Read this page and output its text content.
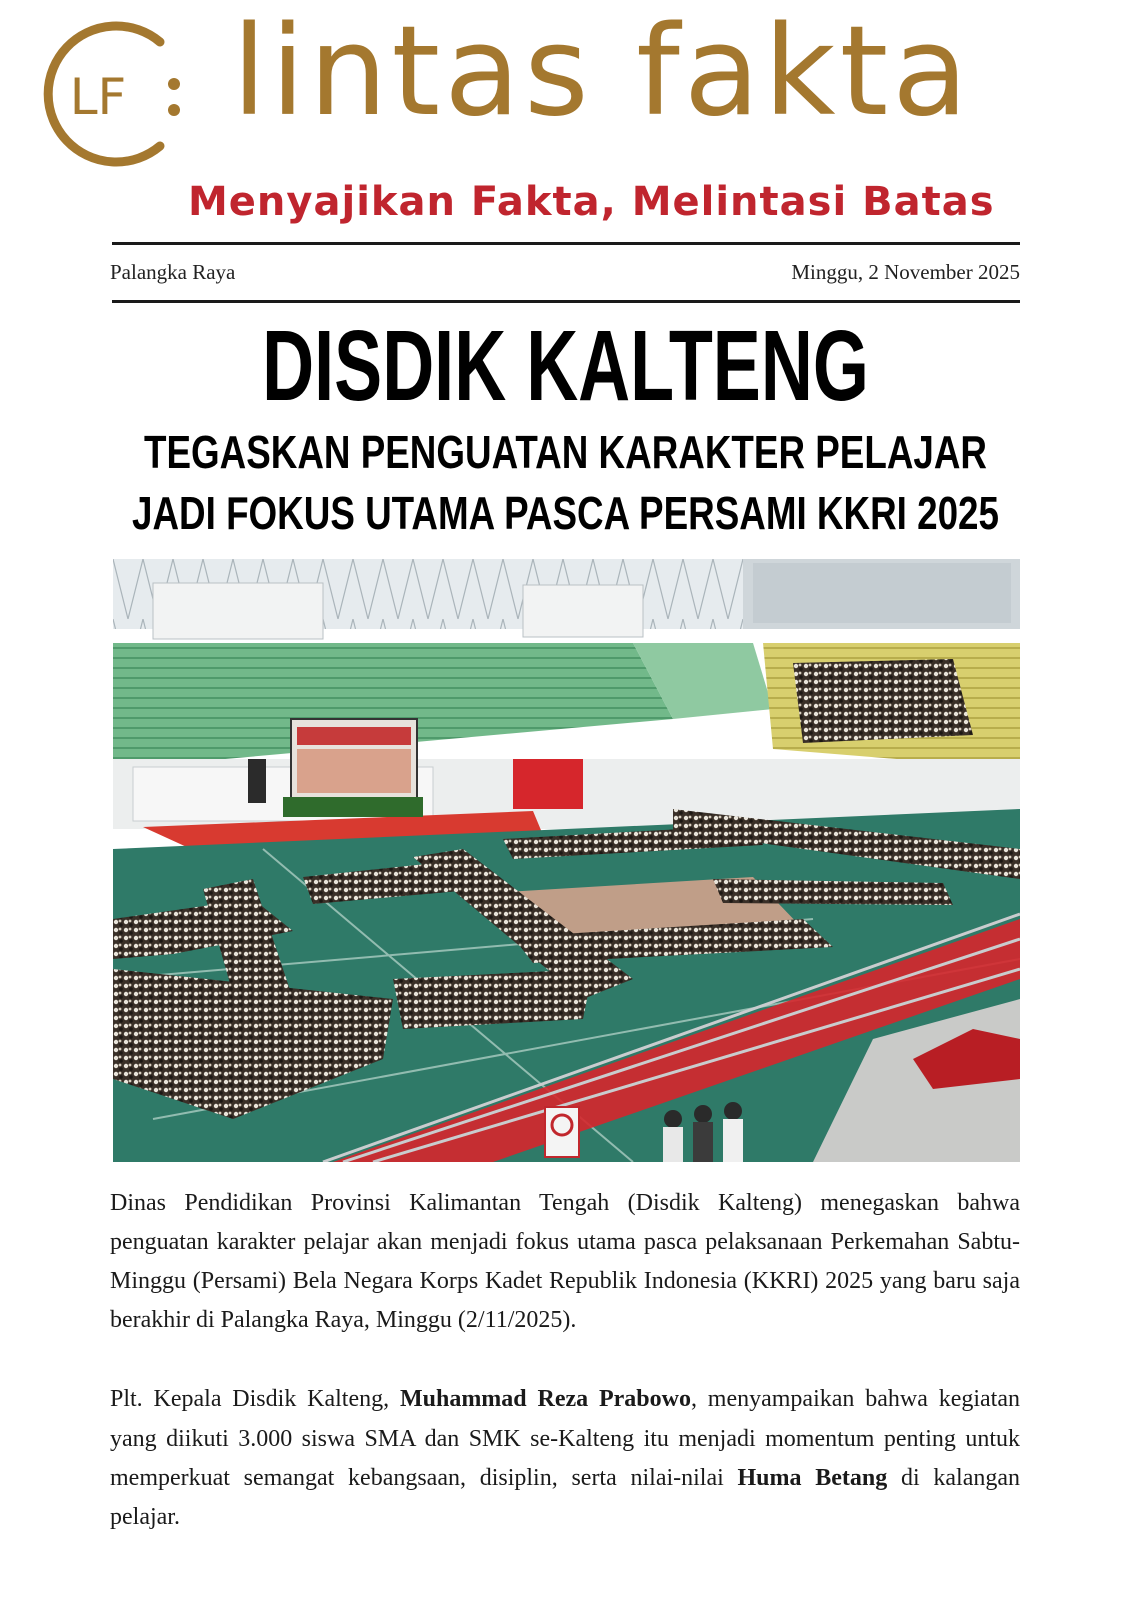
LF lintas fakta

Menyajikan Fakta, Melintasi Batas

Palangka Raya	Minggu, 2 November 2025
DISDIK KALTENG
TEGASKAN PENGUATAN KARAKTER PELAJAR
JADI FOKUS UTAMA PASCA PERSAMI KKRI 2025

Dinas Pendidikan Provinsi Kalimantan Tengah (Disdik Kalteng) menegaskan bahwa penguatan karakter pelajar akan menjadi fokus utama pasca pelaksanaan Perkemahan Sabtu-Minggu (Persami) Bela Negara Korps Kadet Republik Indonesia (KKRI) 2025 yang baru saja berakhir di Palangka Raya, Minggu (2/11/2025).

Plt. Kepala Disdik Kalteng, Muhammad Reza Prabowo, menyampaikan bahwa kegiatan yang diikuti 3.000 siswa SMA dan SMK se-Kalteng itu menjadi momentum penting untuk memperkuat semangat kebangsaan, disiplin, serta nilai-nilai Huma Betang di kalangan pelajar.
